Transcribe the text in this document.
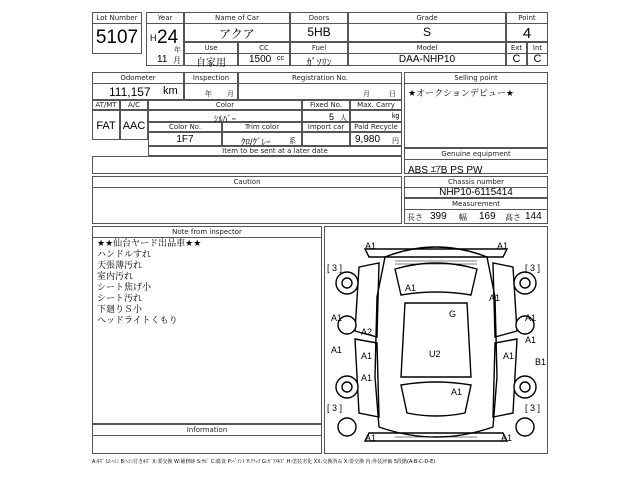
Lot Number
5107
Year
H 24
年
11 月
Name of Car
アクア
Doors
5HB
Grade
S
Point
4
Use
自家用
CC
1500 cc
Fuel
ｶﾞｿﾘﾝ
Model
DAA-NHP10
Ext
C
Int
C
Odometer
111,157 km
Inspection
年 月
Registration No.
月	日
Selling point
★オークションデビュー★
AT/MT	A/C	Color	Fixed No.	Max. Carry
FAT AAC
ｼﾙﾊﾞｰ	5 人	kg
Color No.	Trim color	Import car	Paid Recycle
1F7	ｸﾛ/ｸﾞﾚｰ	系	9,980 円
Item to be sent at a later date	Genuine equipment
ABS ｴｱB PS PW
Caution	Chassis number
NHP10-6115414
Measurement
長さ 399 幅 169 高さ 144
Note from inspector
★★仙台ヤード出品車★★
ハンドルすれ
天張薄汚れ
室内汚れ
シート焦げ小
シート汚れ
下廻りＳ小
ヘッドライトくもり
Information
A1	A1
[ 3 ]	[ 3 ]
A1
A1
A1	G	A1
A2
A1
A1	U2	A1
A1
B1
A1
A1
[ 3 ]	[ 3 ]
A1	A1
A:ｷｽﾞ U:ﾍｺﾐ B:ﾍｺﾐ付きｷｽﾞ X:要交換 W:補修跡 S:ｻﾋﾞ C:腐食 P:ﾍﾟｲﾝﾄ Y:ｸﾗｯｸ G:ｶﾞﾗｽｷｽﾞ H:塗装劣化 XX:交換済み X:要交換 内:外装評価 5段階(A-B-C-D-E)
